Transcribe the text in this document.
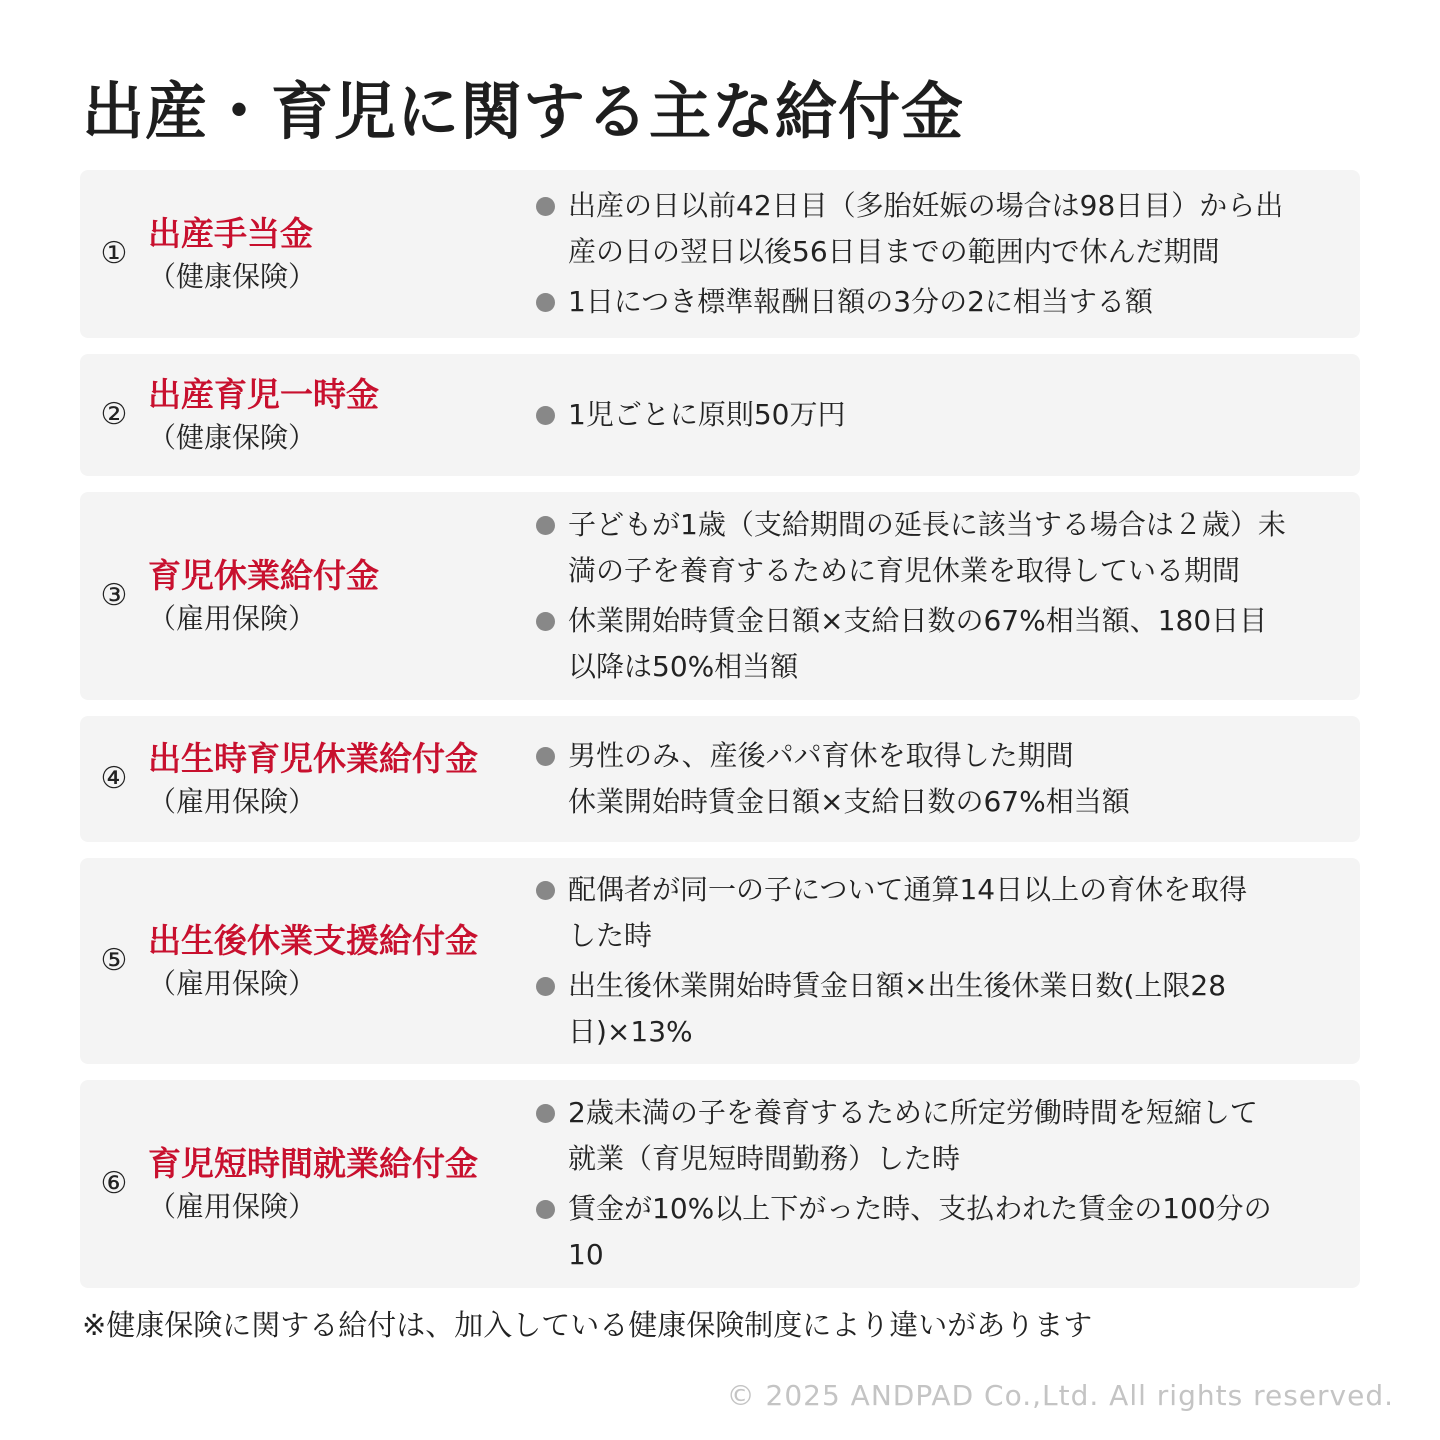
出産・育児に関する主な給付金
①
出産手当金
（健康保険）
出産の日以前42日目（多胎妊娠の場合は98日目）から出
産の日の翌日以後56日目までの範囲内で休んだ期間
1日につき標準報酬日額の3分の2に相当する額
②
出産育児一時金
（健康保険）
1児ごとに原則50万円
③
育児休業給付金
（雇用保険）
子どもが1歳（支給期間の延長に該当する場合は２歳）未
満の子を養育するために育児休業を取得している期間
休業開始時賃金日額×支給日数の67%相当額、180日目
以降は50%相当額
④
出生時育児休業給付金
（雇用保険）
男性のみ、産後パパ育休を取得した期間
休業開始時賃金日額×支給日数の67%相当額
⑤
出生後休業支援給付金
（雇用保険）
配偶者が同一の子について通算14日以上の育休を取得
した時
出生後休業開始時賃金日額×出生後休業日数(上限28
日)×13%
⑥
育児短時間就業給付金
（雇用保険）
2歳未満の子を養育するために所定労働時間を短縮して
就業（育児短時間勤務）した時
賃金が10%以上下がった時、支払われた賃金の100分の
10
※健康保険に関する給付は、加入している健康保険制度により違いがあります
© 2025 ANDPAD Co.,Ltd. All rights reserved.
